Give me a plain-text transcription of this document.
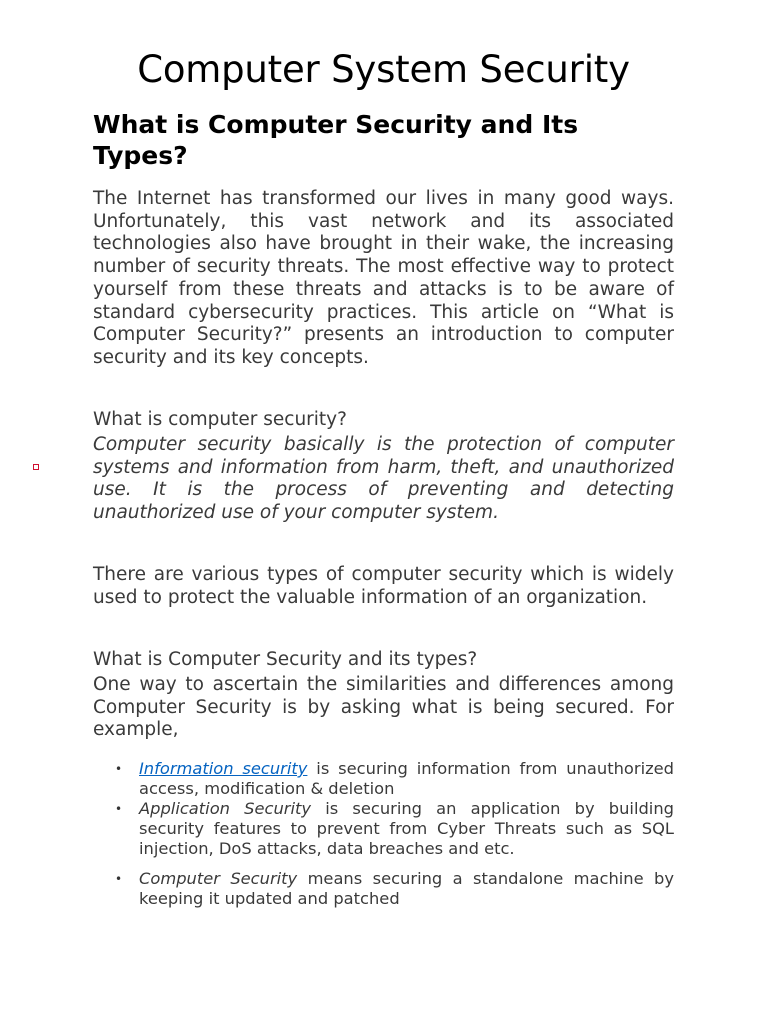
Computer System Security
What is Computer Security and Its Types?

The Internet has transformed our lives in many good ways. Unfortunately, this vast network and its associated technologies also have brought in their wake, the increasing number of security threats. The most effective way to protect yourself from these threats and attacks is to be aware of standard cybersecurity practices. This article on “What is Computer Security?” presents an introduction to computer security and its key concepts.

What is computer security?

Computer security basically is the protection of computer systems and information from harm, theft, and unauthorized use. It is the process of preventing and detecting unauthorized use of your computer system.

There are various types of computer security which is widely used to protect the valuable information of an organization.

What is Computer Security and its types?

One way to ascertain the similarities and differences among Computer Security is by asking what is being secured. For example,

• Information security is securing information from unauthorized access, modification & deletion
• Application Security is securing an application by building security features to prevent from Cyber Threats such as SQL injection, DoS attacks, data breaches and etc.
• Computer Security means securing a standalone machine by keeping it updated and patched
